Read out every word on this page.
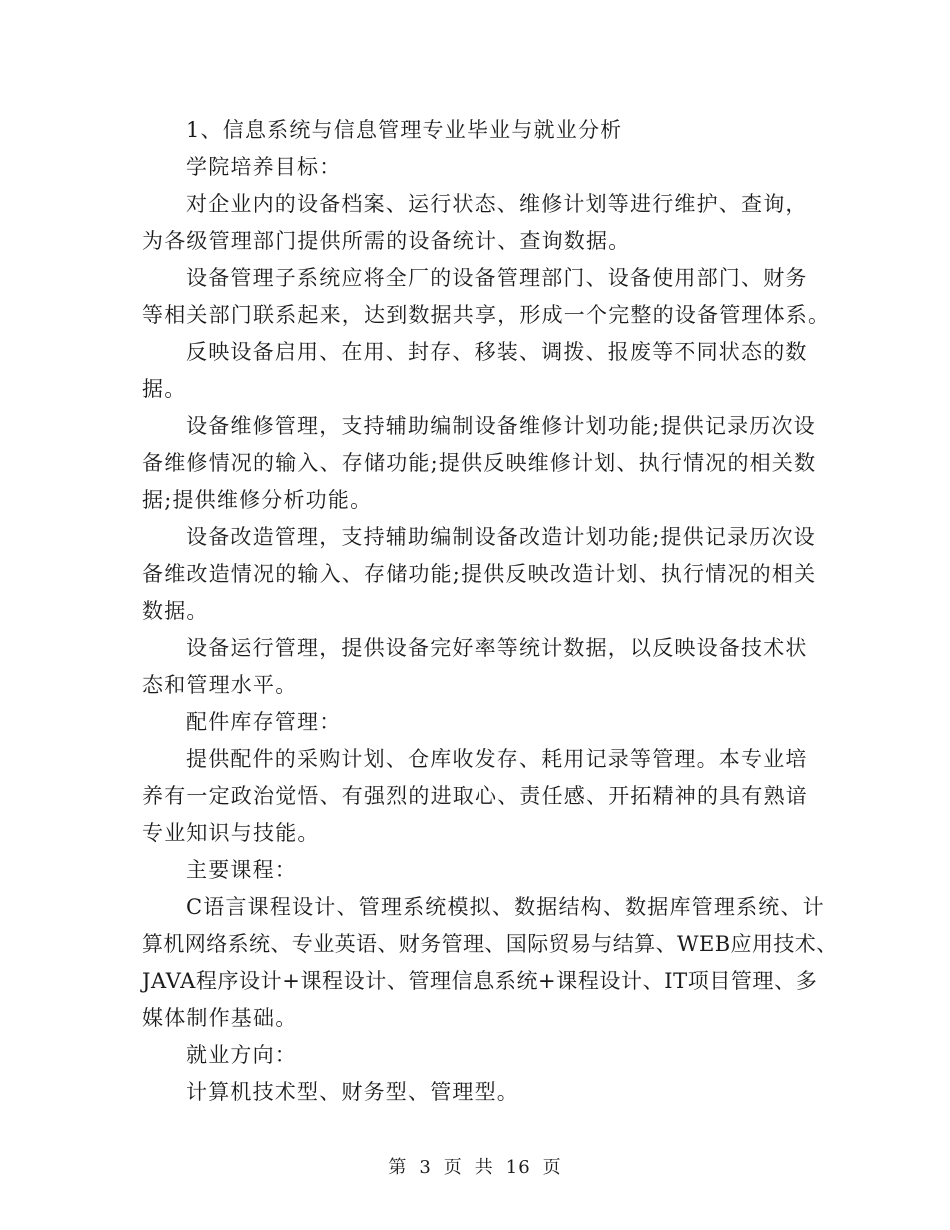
1、信息系统与信息管理专业毕业与就业分析
学院培养目标：
对企业内的设备档案、运行状态、维修计划等进行维护、查询，
为各级管理部门提供所需的设备统计、查询数据。
设备管理子系统应将全厂的设备管理部门、设备使用部门、财务
等相关部门联系起来，达到数据共享，形成一个完整的设备管理体系。
反映设备启用、在用、封存、移装、调拨、报废等不同状态的数
据。
设备维修管理，支持辅助编制设备维修计划功能;提供记录历次设
备维修情况的输入、存储功能;提供反映维修计划、执行情况的相关数
据;提供维修分析功能。
设备改造管理，支持辅助编制设备改造计划功能;提供记录历次设
备维改造情况的输入、存储功能;提供反映改造计划、执行情况的相关
数据。
设备运行管理，提供设备完好率等统计数据，以反映设备技术状
态和管理水平。
配件库存管理：
提供配件的采购计划、仓库收发存、耗用记录等管理。本专业培
养有一定政治觉悟、有强烈的进取心、责任感、开拓精神的具有熟谙
专业知识与技能。
主要课程：
C语言课程设计、管理系统模拟、数据结构、数据库管理系统、计
算机网络系统、专业英语、财务管理、国际贸易与结算、WEB应用技术、
JAVA程序设计+课程设计、管理信息系统+课程设计、IT项目管理、多
媒体制作基础。
就业方向：
计算机技术型、财务型、管理型。
第 3 页 共 16 页
